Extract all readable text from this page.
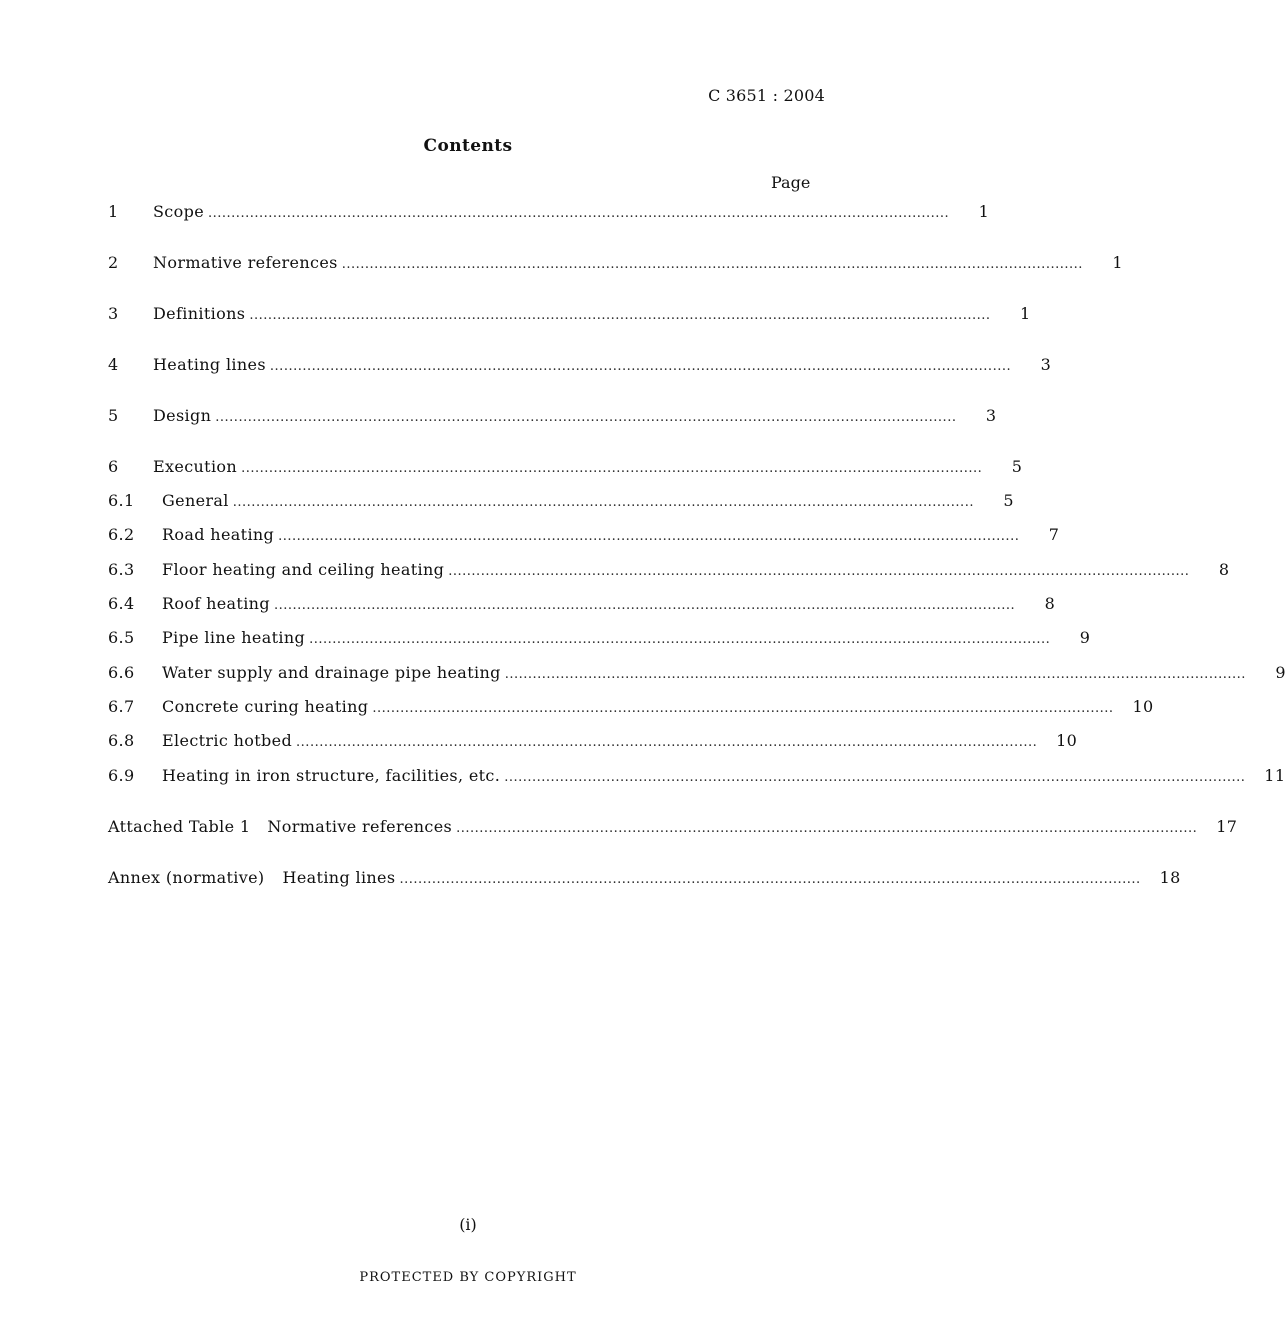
C 3651 : 2004
Contents
Page
1	Scope ................................................................................................................................................................	1
2	Normative references ................................................................................................................................................................	1
3	Definitions ................................................................................................................................................................	1
4	Heating lines ................................................................................................................................................................	3
5	Design ................................................................................................................................................................	3
6	Execution ................................................................................................................................................................	5
6.1	General ................................................................................................................................................................	5
6.2	Road heating ................................................................................................................................................................	7
6.3	Floor heating and ceiling heating ................................................................................................................................................................	8
6.4	Roof heating ................................................................................................................................................................	8
6.5	Pipe line heating ................................................................................................................................................................	9
6.6	Water supply and drainage pipe heating ................................................................................................................................................................	9
6.7	Concrete curing heating ................................................................................................................................................................	10
6.8	Electric hotbed ................................................................................................................................................................	10
6.9	Heating in iron structure, facilities, etc. ................................................................................................................................................................	11
Attached Table 1 Normative references ................................................................................................................................................................	17
Annex (normative) Heating lines ................................................................................................................................................................	18
(i)
PROTECTED BY COPYRIGHT
